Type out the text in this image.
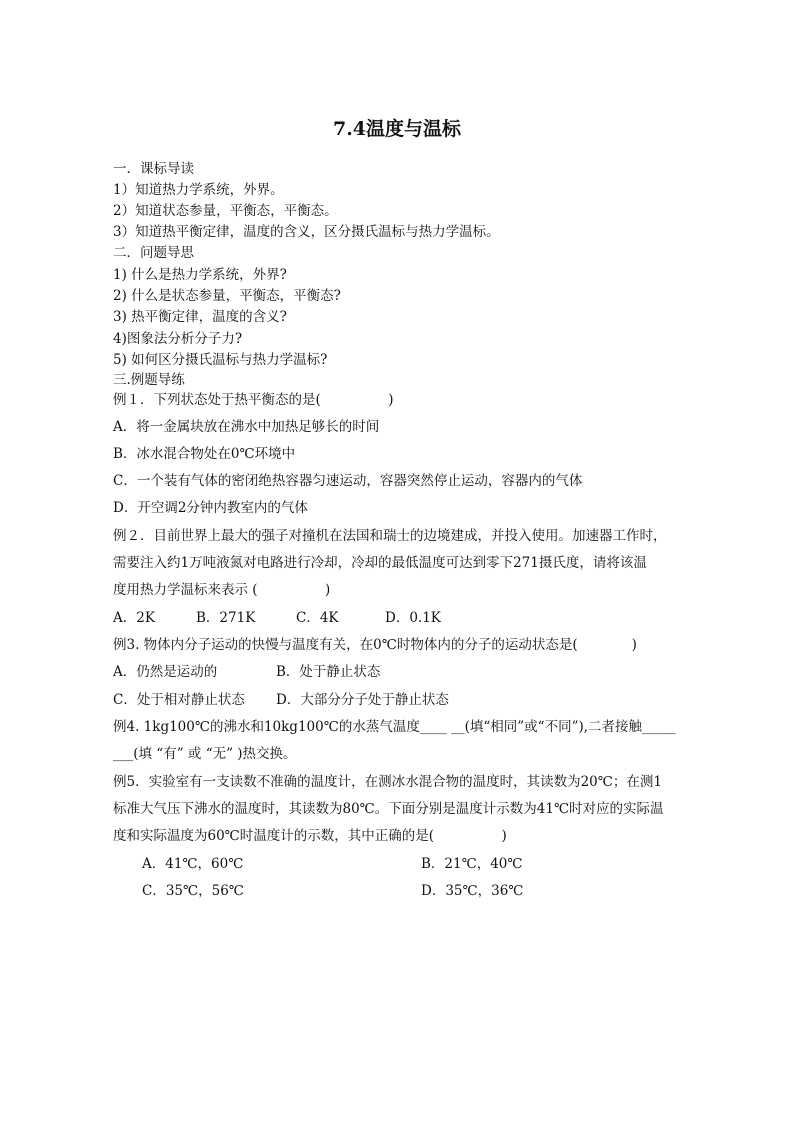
7.4温度与温标
一．课标导读
1）知道热力学系统，外界。
2）知道状态参量，平衡态，平衡态。
3）知道热平衡定律，温度的含义，区分摄氏温标与热力学温标。
二．问题导思
1) 什么是热力学系统，外界?
2) 什么是状态参量，平衡态，平衡态?
3) 热平衡定律，温度的含义?
4)图象法分析分子力?
5) 如何区分摄氏温标与热力学温标?
三.例题导练
例１．下列状态处于热平衡态的是(　　　　　)
A．将一金属块放在沸水中加热足够长的时间
B．冰水混合物处在0℃环境中
C．一个装有气体的密闭绝热容器匀速运动，容器突然停止运动，容器内的气体
D．开空调2分钟内教室内的气体
例２．目前世界上最大的强子对撞机在法国和瑞士的边境建成，并投入使用。加速器工作时，
需要注入约1万吨液氮对电路进行冷却，冷却的最低温度可达到零下271摄氏度，请将该温
度用热力学温标来表示 (　　　　　)
A．2K	B．271K	C．4K	D．0.1K
例3. 物体内分子运动的快慢与温度有关，在0℃时物体内的分子的运动状态是(　　　　)
A．仍然是运动的	B．处于静止状态
C．处于相对静止状态 D．大部分分子处于静止状态
例4. 1kg100℃的沸水和10kg100℃的水蒸气温度____ __(填“相同”或“不同”),二者接触_____
___(填 “有” 或 “无” )热交换。
例5．实验室有一支读数不准确的温度计，在测冰水混合物的温度时，其读数为20℃；在测1
标准大气压下沸水的温度时，其读数为80℃。下面分别是温度计示数为41℃时对应的实际温
度和实际温度为60℃时温度计的示数，其中正确的是(　　　　　)
A．41℃，60℃	B．21℃，40℃
C．35℃，56℃	D．35℃，36℃
